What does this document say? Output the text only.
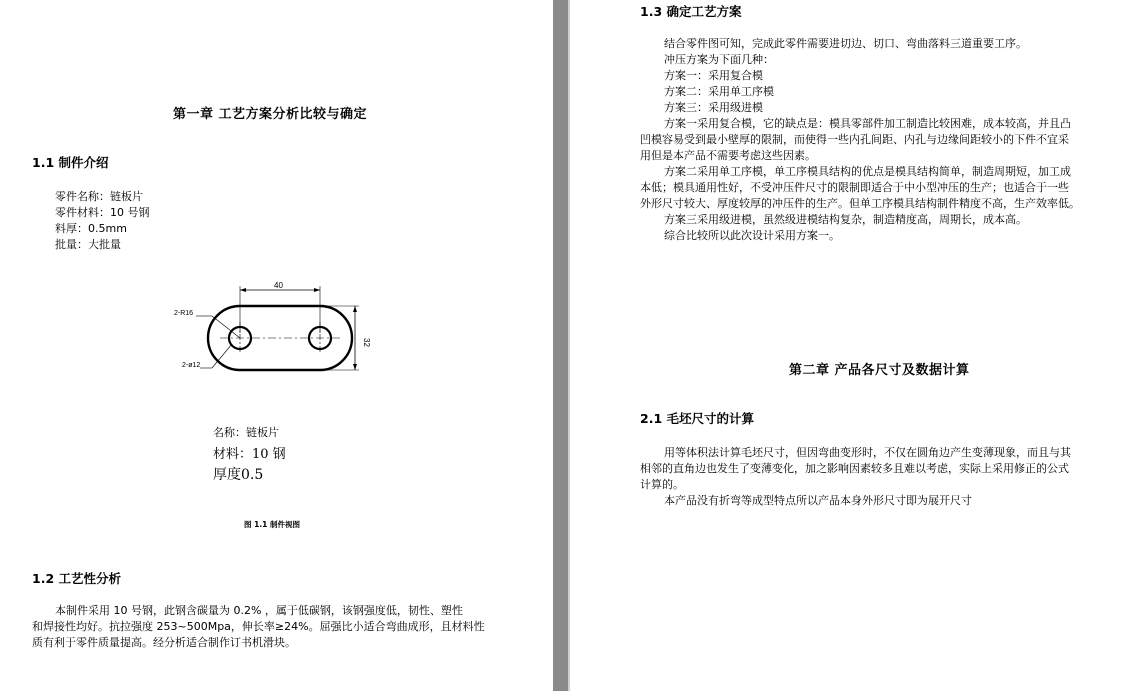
第一章 工艺方案分析比较与确定
1.1 制件介绍
零件名称：链板片
零件材料：10 号钢
料厚：0.5mm
批量：大批量
40
32
2-R16
2-ø12
名称：链板片
材料：10 钢
厚度0.5
图 1.1 制件视图
1.2 工艺性分析
本制件采用 10 号钢，此钢含碳量为 0.2% ，属于低碳钢，该钢强度低，韧性、塑性
和焊接性均好。抗拉强度 253~500Mpa，伸长率≥24%。屈强比小适合弯曲成形，且材料性
质有利于零件质量提高。经分析适合制作订书机滑块。
1.3 确定工艺方案
结合零件图可知，完成此零件需要进切边、切口、弯曲落料三道重要工序。
冲压方案为下面几种：
方案一：采用复合模
方案二：采用单工序模
方案三：采用级进模
方案一采用复合模，它的缺点是：模具零部件加工制造比较困难，成本较高，并且凸
凹模容易受到最小壁厚的限制，而使得一些内孔间距、内孔与边缘间距较小的下件不宜采
用但是本产品不需要考虑这些因素。
方案二采用单工序模，单工序模具结构的优点是模具结构简单，制造周期短，加工成
本低；模具通用性好，不受冲压件尺寸的限制即适合于中小型冲压的生产；也适合于一些
外形尺寸较大、厚度较厚的冲压件的生产。但单工序模具结构制件精度不高，生产效率低。
方案三采用级进模，虽然级进模结构复杂，制造精度高，周期长，成本高。
综合比较所以此次设计采用方案一。
第二章 产品各尺寸及数据计算
2.1 毛坯尺寸的计算
用等体积法计算毛坯尺寸，但因弯曲变形时，不仅在圆角边产生变薄现象，而且与其
相邻的直角边也发生了变薄变化，加之影响因素较多且难以考虑，实际上采用修正的公式
计算的。
本产品没有折弯等成型特点所以产品本身外形尺寸即为展开尺寸
